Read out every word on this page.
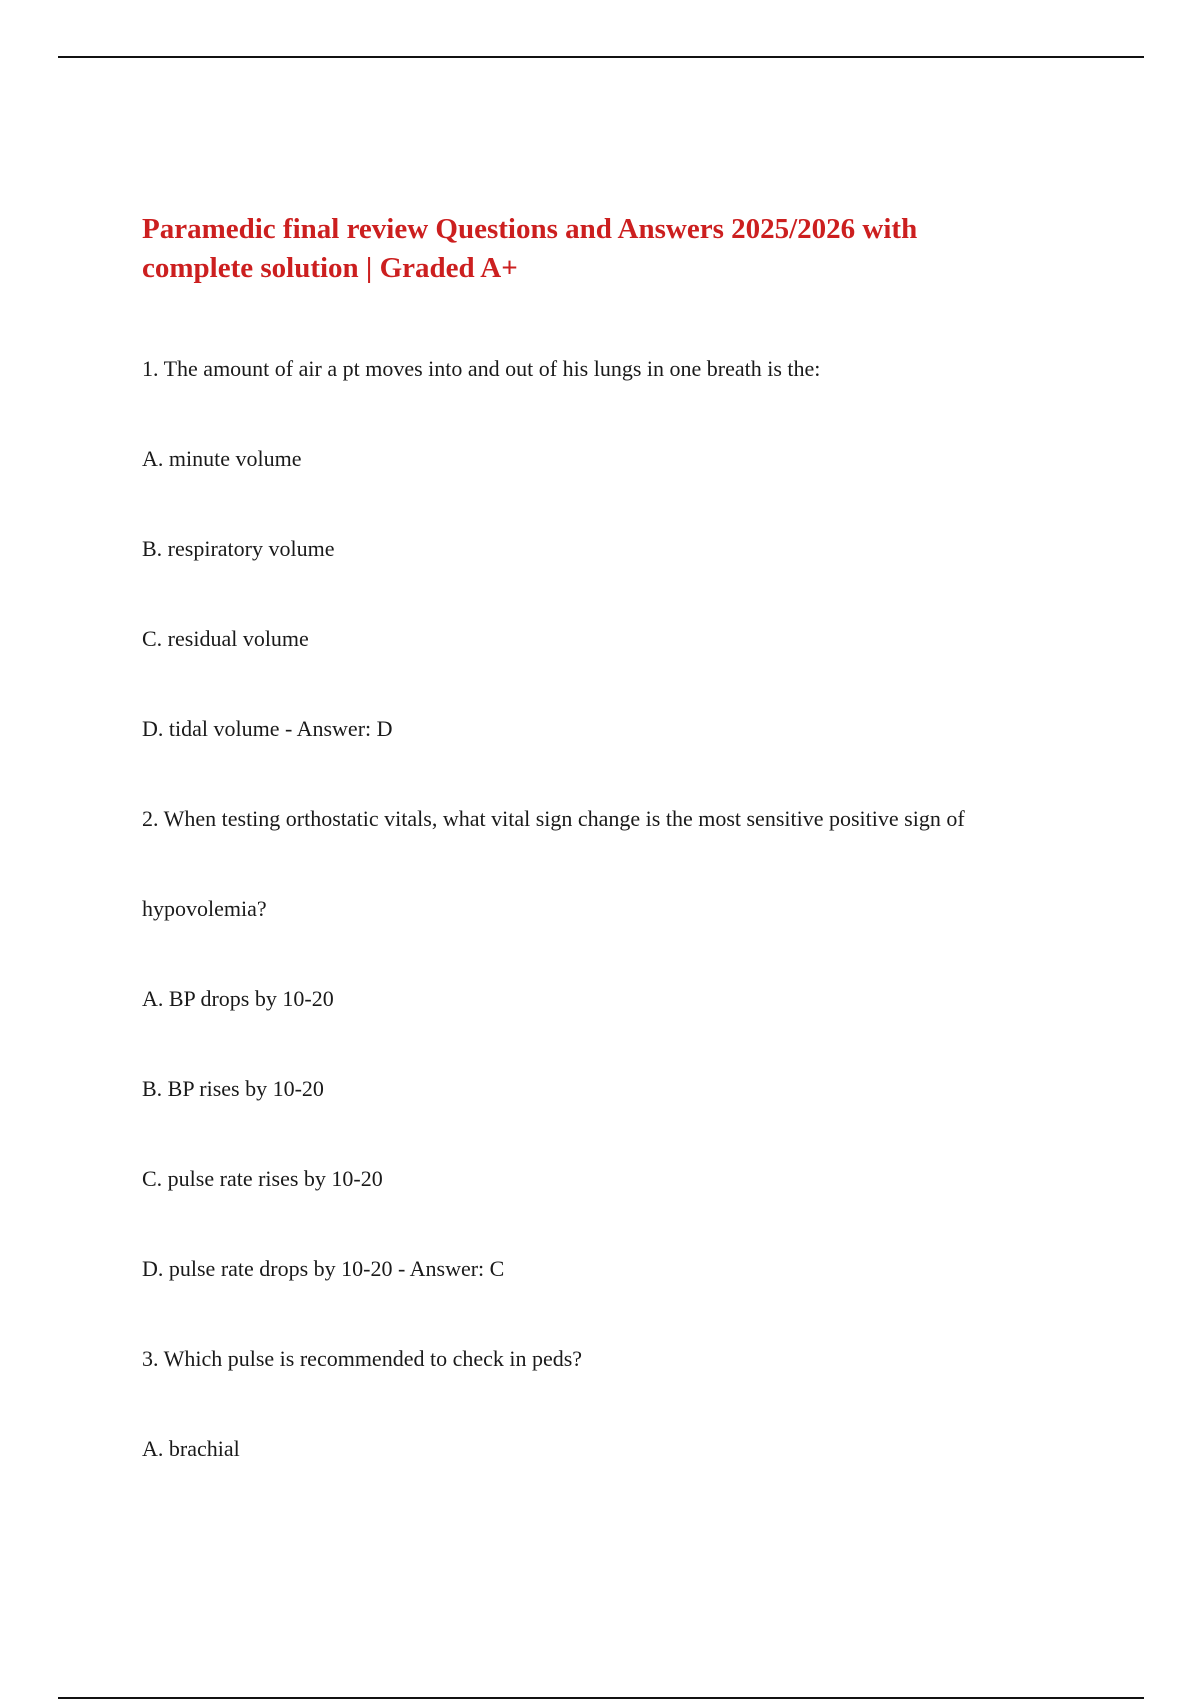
Paramedic final review Questions and Answers 2025/2026 with
complete solution | Graded A+

1. The amount of air a pt moves into and out of his lungs in one breath is the:

A. minute volume

B. respiratory volume

C. residual volume

D. tidal volume - Answer: D

2. When testing orthostatic vitals, what vital sign change is the most sensitive positive sign of

hypovolemia?

A. BP drops by 10-20

B. BP rises by 10-20

C. pulse rate rises by 10-20

D. pulse rate drops by 10-20 - Answer: C

3. Which pulse is recommended to check in peds?

A. brachial
